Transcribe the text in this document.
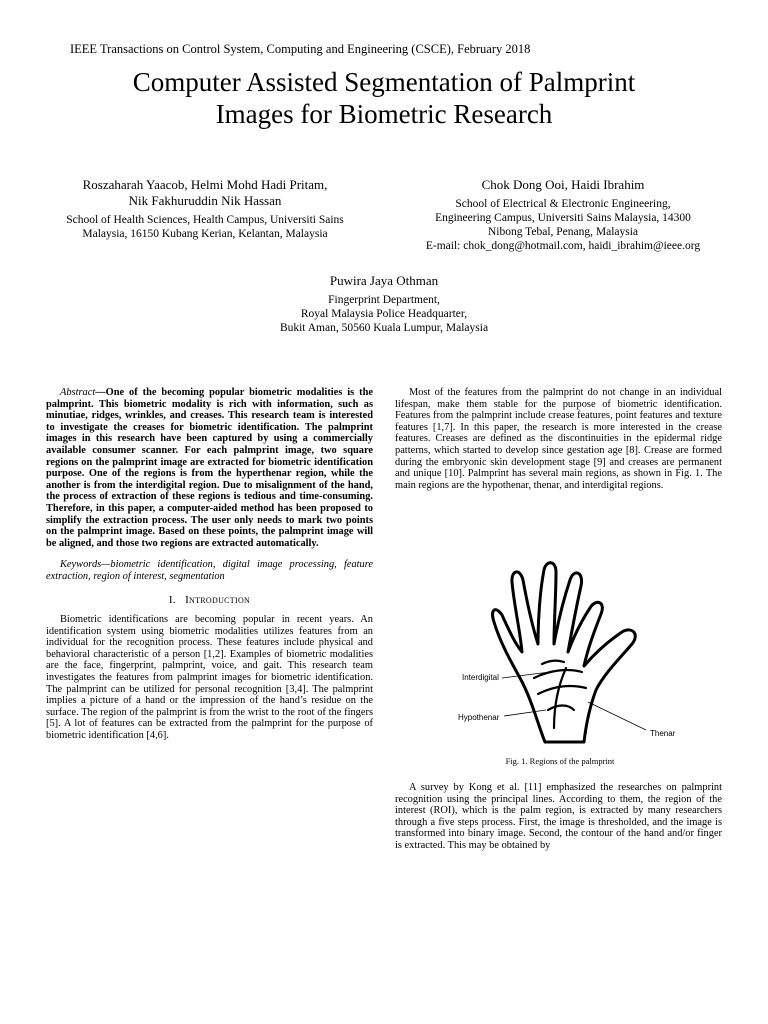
IEEE Transactions on Control System, Computing and Engineering (CSCE), February 2018
Computer Assisted Segmentation of Palmprint
Images for Biometric Research
Roszaharah Yaacob, Helmi Mohd Hadi Pritam,
Nik Fakhuruddin Nik Hassan
School of Health Sciences, Health Campus, Universiti Sains
Malaysia, 16150 Kubang Kerian, Kelantan, Malaysia
Chok Dong Ooi, Haidi Ibrahim
School of Electrical & Electronic Engineering,
Engineering Campus, Universiti Sains Malaysia, 14300
Nibong Tebal, Penang, Malaysia
E-mail: chok_dong@hotmail.com, haidi_ibrahim@ieee.org
Puwira Jaya Othman
Fingerprint Department,
Royal Malaysia Police Headquarter,
Bukit Aman, 50560 Kuala Lumpur, Malaysia

Abstract—One of the becoming popular biometric modalities is the palmprint. This biometric modality is rich with information, such as minutiae, ridges, wrinkles, and creases. This research team is interested to investigate the creases for biometric identification. The palmprint images in this research have been captured by using a commercially available consumer scanner. For each palmprint image, two square regions on the palmprint image are extracted for biometric identification purpose. One of the regions is from the hyperthenar region, while the another is from the interdigital region. Due to misalignment of the hand, the process of extraction of these regions is tedious and time-consuming. Therefore, in this paper, a computer-aided method has been proposed to simplify the extraction process. The user only needs to mark two points on the palmprint image. Based on these points, the palmprint image will be aligned, and those two regions are extracted automatically.

Keywords—biometric identification, digital image processing, feature extraction, region of interest, segmentation

I. Introduction

Biometric identifications are becoming popular in recent years. An identification system using biometric modalities utilizes features from an individual for the recognition process. These features include physical and behavioral characteristic of a person [1,2]. Examples of biometric modalities are the face, fingerprint, palmprint, voice, and gait. This research team investigates the features from palmprint images for biometric identification. The palmprint can be utilized for personal recognition [3,4]. The palmprint implies a picture of a hand or the impression of the hand’s residue on the surface. The region of the palmprint is from the wrist to the root of the fingers [5]. A lot of features can be extracted from the palmprint for the purpose of biometric identification [4,6].

Most of the features from the palmprint do not change in an individual lifespan, make them stable for the purpose of biometric identification. Features from the palmprint include crease features, point features and texture features [1,7]. In this paper, the research is more interested in the crease features. Creases are defined as the discontinuities in the epidermal ridge patterns, which started to develop since gestation age [8]. Crease are formed during the embryonic skin development stage [9] and creases are permanent and unique [10]. Palmprint has several main regions, as shown in Fig. 1. The main regions are the hypothenar, thenar, and interdigital regions.

Interdigital
Hypothenar
Thenar
Fig. 1. Regions of the palmprint

A survey by Kong et al. [11] emphasized the researches on palmprint recognition using the principal lines. According to them, the region of the interest (ROI), which is the palm region, is extracted by many researchers through a five steps process. First, the image is thresholded, and the image is transformed into binary image. Second, the contour of the hand and/or finger is extracted. This may be obtained by
